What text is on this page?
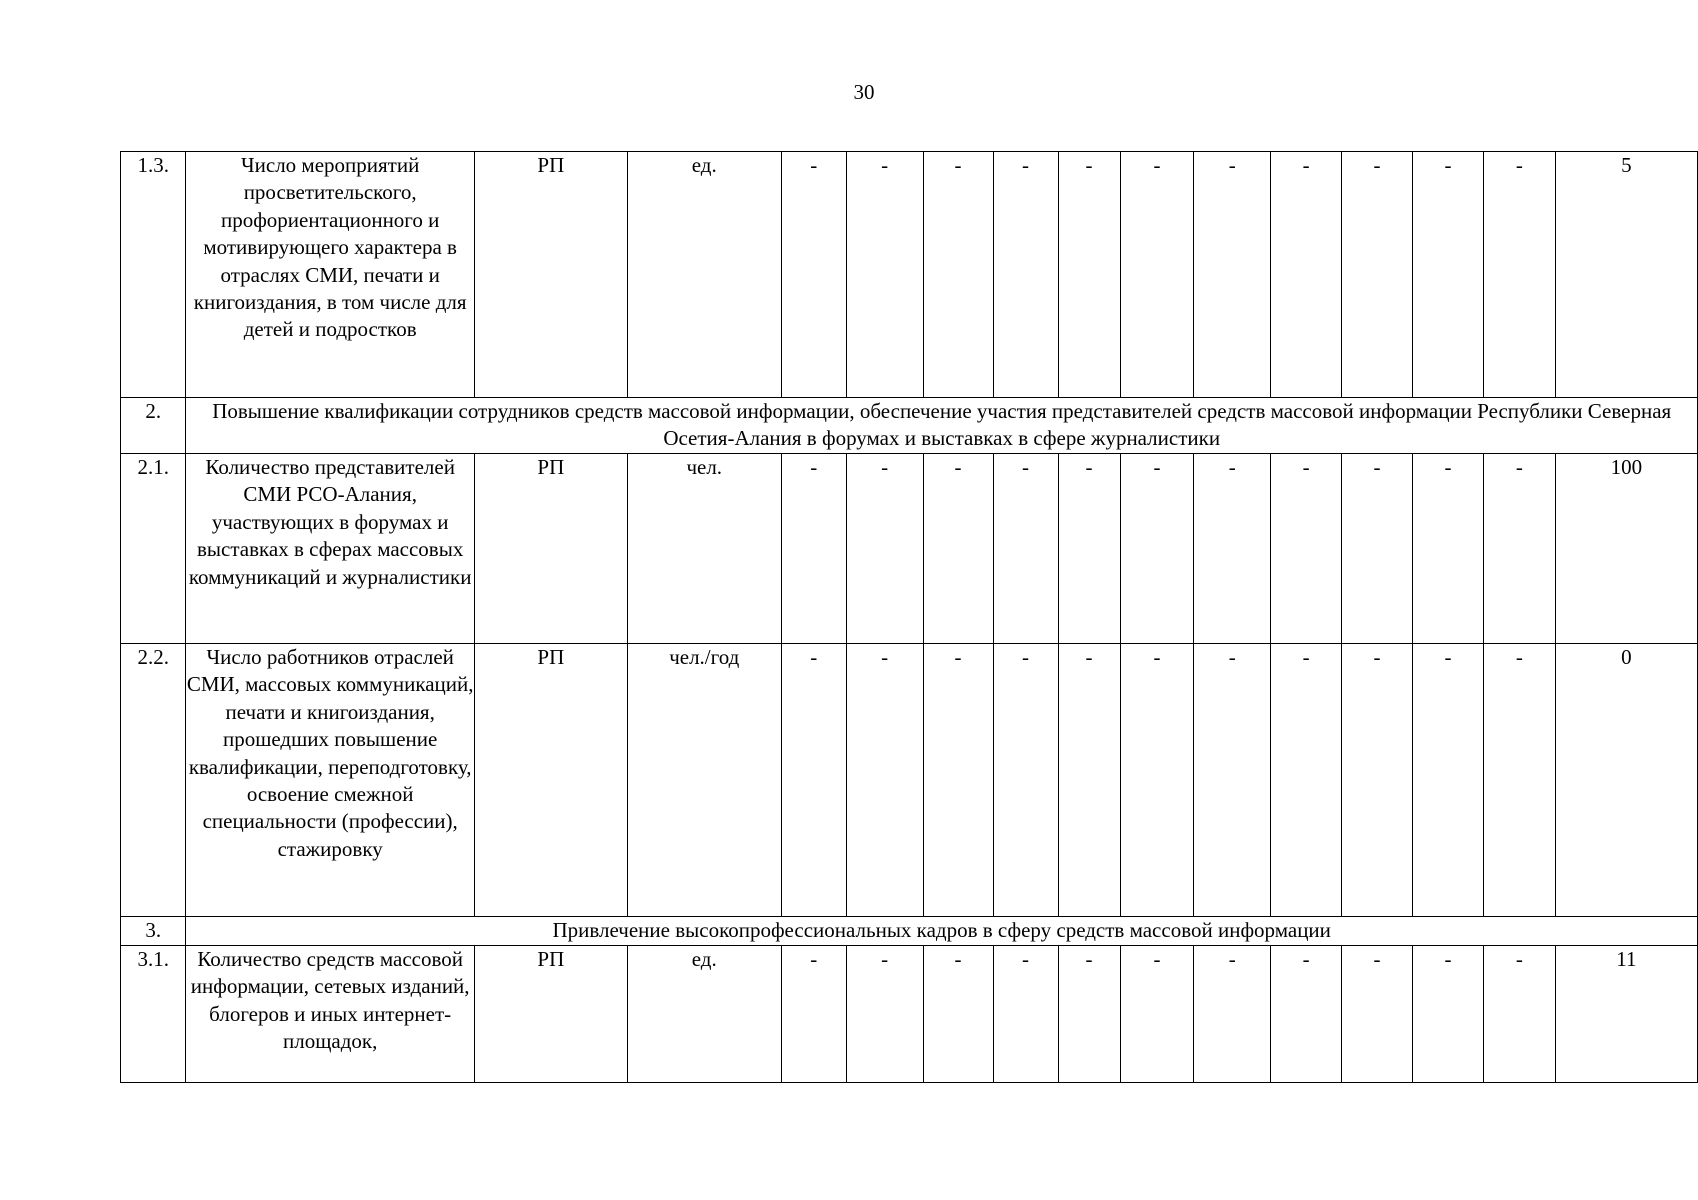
30
1.3.	Число мероприятий просветительского, профориентационного и мотивирующего характера в отраслях СМИ, печати и книгоиздания, в том числе для детей и подростков	РП	ед.	-	-	-	-	-	-	-	-	-	-	-	5
2.	Повышение квалификации сотрудников средств массовой информации, обеспечение участия представителей средств массовой информации Республики Северная Осетия-Алания в форумах и выставках в сфере журналистики														
2.1.	Количество представителей СМИ РСО-Алания, участвующих в форумах и выставках в сферах массовых коммуникаций и журналистики	РП	чел.	-	-	-	-	-	-	-	-	-	-	-	100
2.2.	Число работников отраслей СМИ, массовых коммуникаций, печати и книгоиздания, прошедших повышение квалификации, переподготовку, освоение смежной специальности (профессии), стажировку	РП	чел./год	-	-	-	-	-	-	-	-	-	-	-	0
3.	Привлечение высокопрофессиональных кадров в сферу средств массовой информации														
3.1.	Количество средств массовой информации, сетевых изданий, блогеров и иных интернет-площадок,	РП	ед.	-	-	-	-	-	-	-	-	-	-	-	11
